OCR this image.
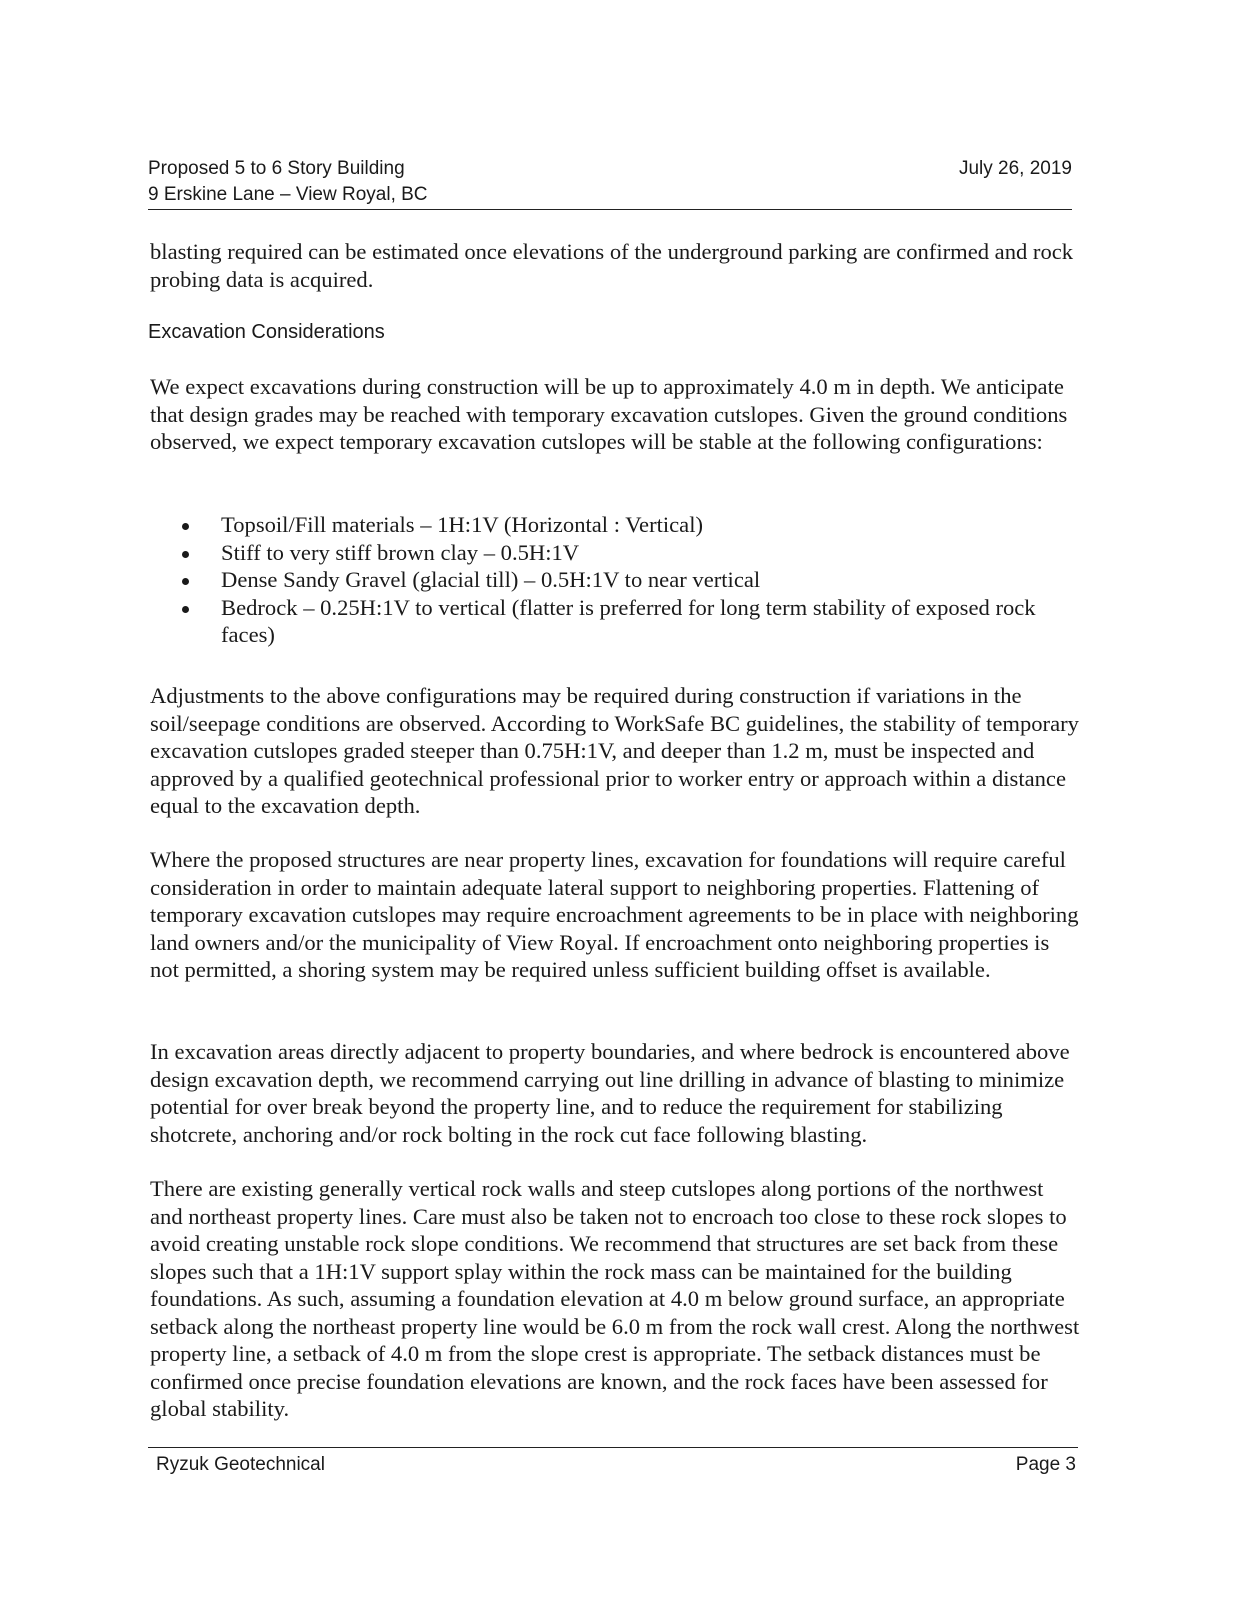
Proposed 5 to 6 Story Building
9 Erskine Lane – View Royal, BC
July 26, 2019

blasting required can be estimated once elevations of the underground parking are confirmed and rock probing data is acquired.

Excavation Considerations

We expect excavations during construction will be up to approximately 4.0 m in depth. We anticipate that design grades may be reached with temporary excavation cutslopes. Given the ground conditions observed, we expect temporary excavation cutslopes will be stable at the following configurations:

Topsoil/Fill materials – 1H:1V (Horizontal : Vertical)
Stiff to very stiff brown clay – 0.5H:1V
Dense Sandy Gravel (glacial till) – 0.5H:1V to near vertical
Bedrock – 0.25H:1V to vertical (flatter is preferred for long term stability of exposed rock faces)

Adjustments to the above configurations may be required during construction if variations in the soil/seepage conditions are observed. According to WorkSafe BC guidelines, the stability of temporary excavation cutslopes graded steeper than 0.75H:1V, and deeper than 1.2 m, must be inspected and approved by a qualified geotechnical professional prior to worker entry or approach within a distance equal to the excavation depth.

Where the proposed structures are near property lines, excavation for foundations will require careful consideration in order to maintain adequate lateral support to neighboring properties. Flattening of temporary excavation cutslopes may require encroachment agreements to be in place with neighboring land owners and/or the municipality of View Royal. If encroachment onto neighboring properties is not permitted, a shoring system may be required unless sufficient building offset is available.

In excavation areas directly adjacent to property boundaries, and where bedrock is encountered above design excavation depth, we recommend carrying out line drilling in advance of blasting to minimize potential for over break beyond the property line, and to reduce the requirement for stabilizing shotcrete, anchoring and/or rock bolting in the rock cut face following blasting.

There are existing generally vertical rock walls and steep cutslopes along portions of the northwest and northeast property lines. Care must also be taken not to encroach too close to these rock slopes to avoid creating unstable rock slope conditions. We recommend that structures are set back from these slopes such that a 1H:1V support splay within the rock mass can be maintained for the building foundations. As such, assuming a foundation elevation at 4.0 m below ground surface, an appropriate setback along the northeast property line would be 6.0 m from the rock wall crest. Along the northwest property line, a setback of 4.0 m from the slope crest is appropriate. The setback distances must be confirmed once precise foundation elevations are known, and the rock faces have been assessed for global stability.

Ryzuk Geotechnical	Page 3
